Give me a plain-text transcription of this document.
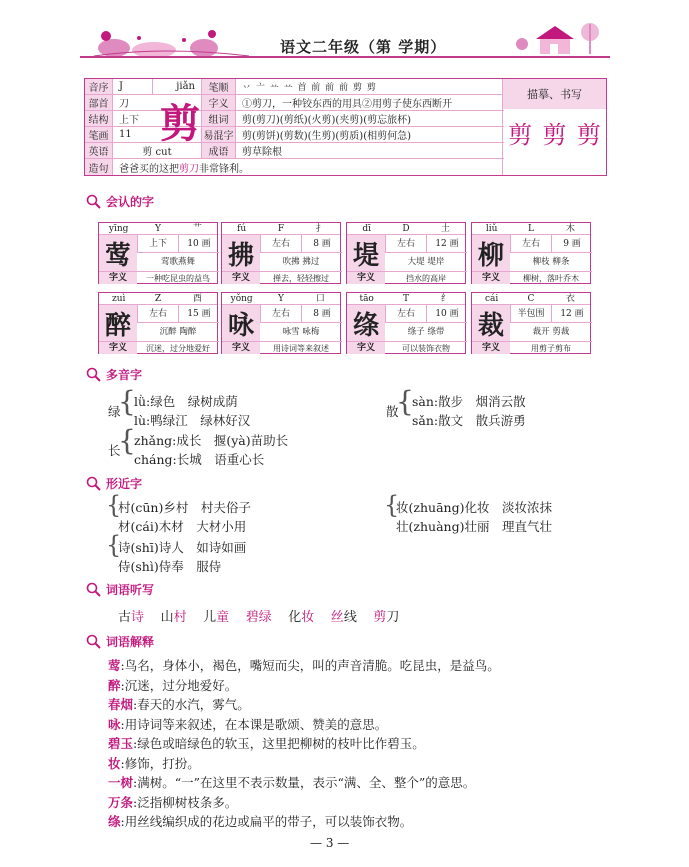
语文二年级（第 学期）
音序	J	jiǎn	笔顺	丷 亠 䒑 䒑 首 前 前 前 剪 剪
部首	刀	字义	①剪刀，一种铰东西的用具②用剪子使东西断开
结构	上下	组词	剪(剪刀)(剪纸)(火剪)(夹剪)(剪忘旅杯)
笔画	11	易混字 剪(剪饼)(剪数)(生剪)(剪质)(相剪何急)
英语	剪 cut	成语	剪草除根
造句	爸爸买的这把 剪刀 非常锋利。
剪
描摹、书写
剪 剪 剪
会认的字
yīng	Y	艹
莺	上下	10 画
莺歌燕舞
字义	一种吃昆虫的益鸟
fú	F	扌
拂	左右	8 画
吹拂 拂过
字义	掸去，轻轻擦过
dī	D	土
堤	左右	12 画
大堤 堤岸
字义	挡水的高岸
liǔ	L	木
柳	左右	9 画
柳枝 柳条
字义	柳树，落叶乔木
zuì	Z	酉
醉	左右	15 画
沉醉 陶醉
字义	沉迷，过分地爱好
yǒng	Y	口
咏	左右	8 画
咏雪 咏梅
字义	用诗词等来叙述
tāo	T	纟
绦	左右	10 画
绦子 绦带
字义	可以装饰衣物
cái	C	衣
裁	半包围	12 画
裁开 剪裁
字义	用剪子剪布
多音字
绿
{
lǜ:绿色　绿树成荫
lù:鸭绿江　绿林好汉
散
{
sàn:散步　烟消云散
sǎn:散文　散兵游勇
长
{
zhǎng:成长　揠(yà)苗助长
cháng:长城　语重心长
形近字
{
村(cūn)乡村　村夫俗子
材(cái)木材　大材小用
{
诗(shī)诗人　如诗如画
侍(shì)侍奉　服侍
{
妆(zhuāng)化妆　淡妆浓抹
壮(zhuàng)壮丽　理直气壮
词语听写
古诗 山村 儿童 碧绿 化妆 丝线 剪刀
词语解释
莺:鸟名，身体小，褐色，嘴短而尖，叫的声音清脆。吃昆虫，是益鸟。
醉:沉迷，过分地爱好。
春烟:春天的水汽，雾气。
咏:用诗词等来叙述，在本课是歌颂、赞美的意思。
碧玉:绿色或暗绿色的软玉，这里把柳树的枝叶比作碧玉。
妆:修饰，打扮。
一树:满树。“一”在这里不表示数量，表示“满、全、整个”的意思。
万条:泛指柳树枝条多。
绦:用丝线编织成的花边或扁平的带子，可以装饰衣物。
— 3 —
